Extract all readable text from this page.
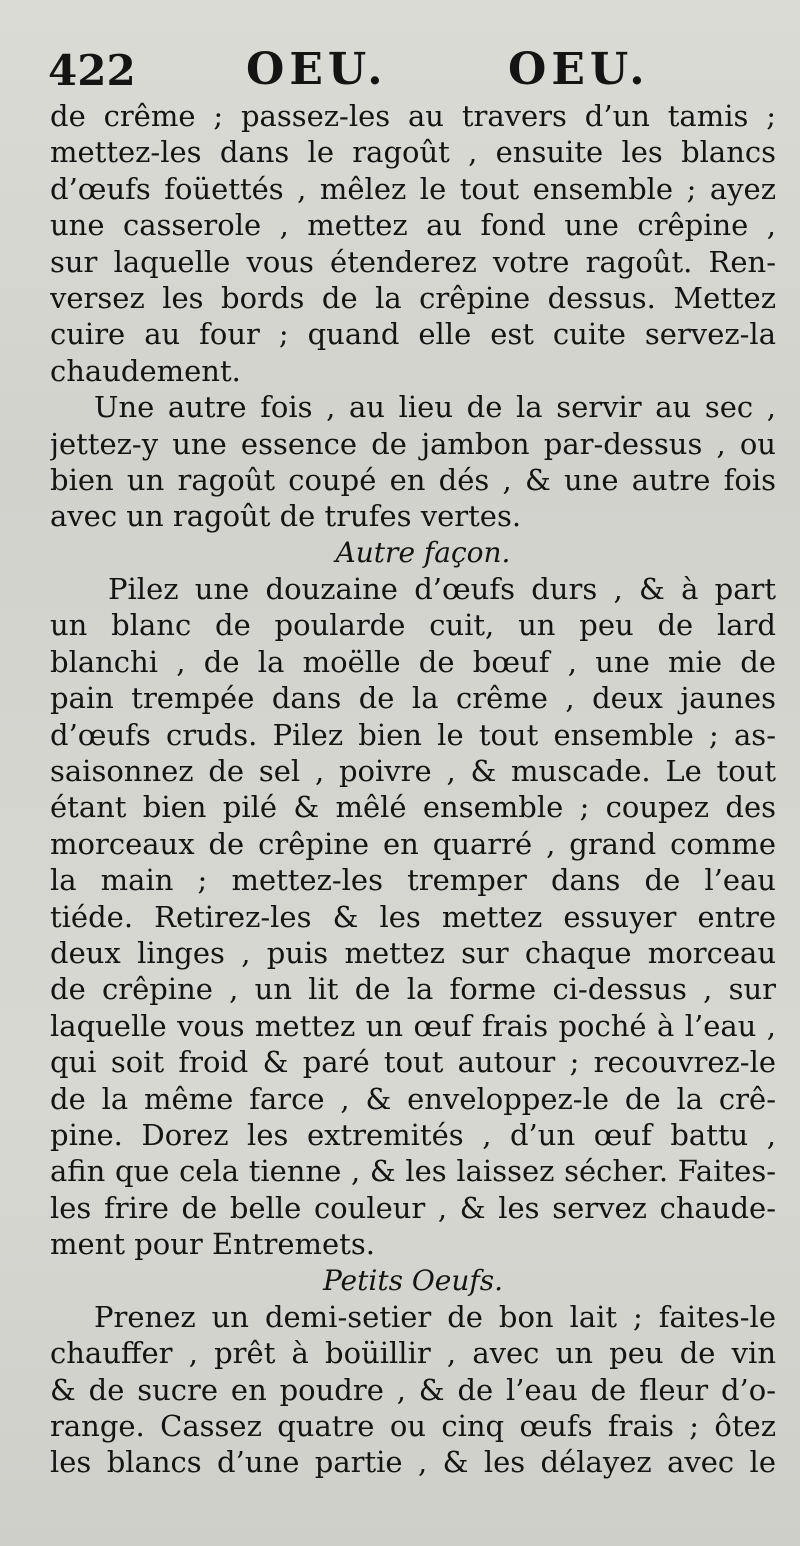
422	OEU.	OEU.
de crême ; passez-les au travers d’un tamis ;
mettez-les dans le ragoût , ensuite les blancs
d’œufs foüettés , mêlez le tout ensemble ; ayez
une casserole , mettez au fond une crêpine ,
sur laquelle vous étenderez votre ragoût. Ren-
versez les bords de la crêpine dessus. Mettez
cuire au four ; quand elle est cuite servez-la
chaudement.
Une autre fois , au lieu de la servir au sec ,
jettez-y une essence de jambon par-dessus , ou
bien un ragoût coupé en dés , & une autre fois
avec un ragoût de trufes vertes.
Autre façon.
Pilez une douzaine d’œufs durs , & à part
un blanc de poularde cuit, un peu de lard
blanchi , de la moëlle de bœuf , une mie de
pain trempée dans de la crême , deux jaunes
d’œufs cruds. Pilez bien le tout ensemble ; as-
saisonnez de sel , poivre , & muscade. Le tout
étant bien pilé & mêlé ensemble ; coupez des
morceaux de crêpine en quarré , grand comme
la main ; mettez-les tremper dans de l’eau
tiéde. Retirez-les & les mettez essuyer entre
deux linges , puis mettez sur chaque morceau
de crêpine , un lit de la forme ci-dessus , sur
laquelle vous mettez un œuf frais poché à l’eau ,
qui soit froid & paré tout autour ; recouvrez-le
de la même farce , & enveloppez-le de la crê-
pine. Dorez les extremités , d’un œuf battu ,
afin que cela tienne , & les laissez sécher. Faites-
les frire de belle couleur , & les servez chaude-
ment pour Entremets.
Petits Oeufs.
Prenez un demi-setier de bon lait ; faites-le
chauffer , prêt à boüillir , avec un peu de vin
& de sucre en poudre , & de l’eau de fleur d’o-
range. Cassez quatre ou cinq œufs frais ; ôtez
les blancs d’une partie , & les délayez avec le
